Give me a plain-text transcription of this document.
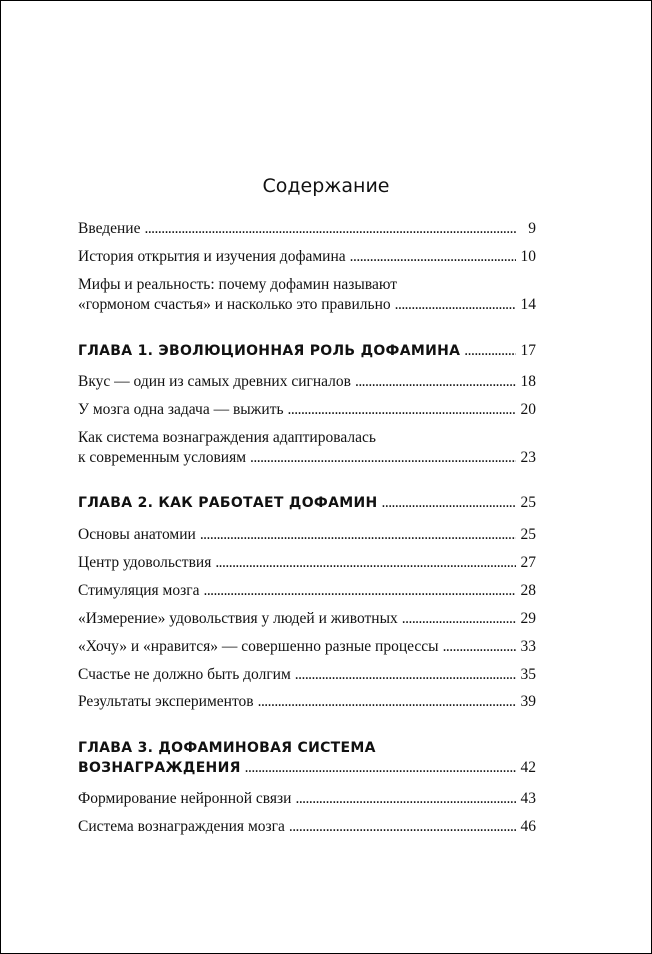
Содержание
Введение . . .	9
История открытия и изучения дофамина . . .	10
Мифы и реальность: почему дофамин называют
«гормоном счастья» и насколько это правильно . . .	14
ГЛАВА 1. ЭВОЛЮЦИОННАЯ РОЛЬ ДОФАМИНА . . .	17
Вкус — один из самых древних сигналов . . .	18
У мозга одна задача — выжить . . .	20
Как система вознаграждения адаптировалась
к современным условиям . . .	23
ГЛАВА 2. КАК РАБОТАЕТ ДОФАМИН . . .	25
Основы анатомии . . .	25
Центр удовольствия . . .	27
Стимуляция мозга . . .	28
«Измерение» удовольствия у людей и животных . . .	29
«Хочу» и «нравится» — совершенно разные процессы . . .	33
Счастье не должно быть долгим . . .	35
Результаты экспериментов . . .	39
ГЛАВА 3. ДОФАМИНОВАЯ СИСТЕМА
ВОЗНАГРАЖДЕНИЯ . . .	42
Формирование нейронной связи . . .	43
Система вознаграждения мозга . . .	46
